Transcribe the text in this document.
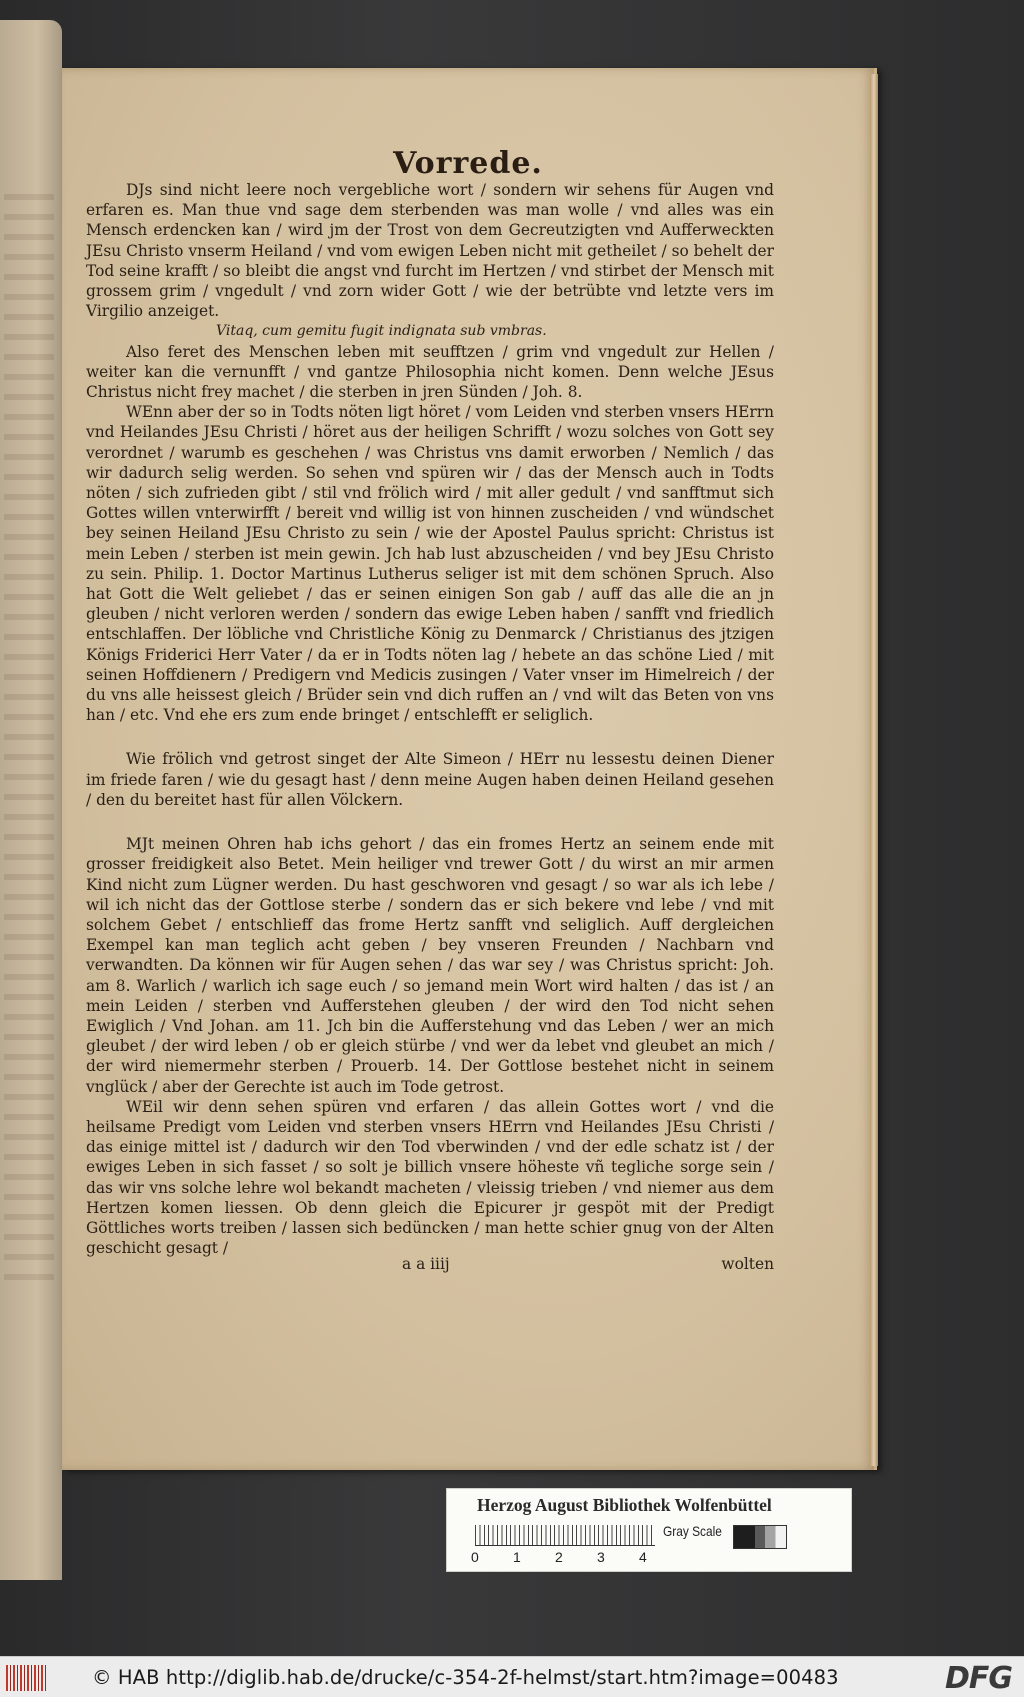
Vorrede.

DJs sind nicht leere noch vergebliche wort / sondern wir sehens für Augen vnd erfaren es. Man thue vnd sage dem sterbenden was man wolle / vnd alles was ein Mensch erdencken kan / wird jm der Trost von dem Gecreutzigten vnd Aufferweckten JEsu Christo vnserm Heiland / vnd vom ewigen Leben nicht mit getheilet / so behelt der Tod seine krafft / so bleibt die angst vnd furcht im Hertzen / vnd stirbet der Mensch mit grossem grim / vngedult / vnd zorn wider Gott / wie der betrübte vnd letzte vers im Virgilio anzeiget.

Vitaq, cum gemitu fugit indignata sub vmbras.

Also feret des Menschen leben mit seufftzen / grim vnd vngedult zur Hellen / weiter kan die vernunfft / vnd gantze Philosophia nicht komen. Denn welche JEsus Christus nicht frey machet / die sterben in jren Sünden / Joh. 8.

WEnn aber der so in Todts nöten ligt höret / vom Leiden vnd sterben vnsers HErrn vnd Heilandes JEsu Christi / höret aus der heiligen Schrifft / wozu solches von Gott sey verordnet / warumb es geschehen / was Christus vns damit erworben / Nemlich / das wir dadurch selig werden. So sehen vnd spüren wir / das der Mensch auch in Todts nöten / sich zufrieden gibt / stil vnd frölich wird / mit aller gedult / vnd sanfftmut sich Gottes willen vnterwirfft / bereit vnd willig ist von hinnen zuscheiden / vnd wündschet bey seinen Heiland JEsu Christo zu sein / wie der Apostel Paulus spricht: Christus ist mein Leben / sterben ist mein gewin. Jch hab lust abzuscheiden / vnd bey JEsu Christo zu sein. Philip. 1. Doctor Martinus Lutherus seliger ist mit dem schönen Spruch. Also hat Gott die Welt geliebet / das er seinen einigen Son gab / auff das alle die an jn gleuben / nicht verloren werden / sondern das ewige Leben haben / sanfft vnd friedlich entschlaffen. Der löbliche vnd Christliche König zu Denmarck / Christianus des jtzigen Königs Friderici Herr Vater / da er in Todts nöten lag / hebete an das schöne Lied / mit seinen Hoffdienern / Predigern vnd Medicis zusingen / Vater vnser im Himelreich / der du vns alle heissest gleich / Brüder sein vnd dich ruffen an / vnd wilt das Beten von vns han / etc. Vnd ehe ers zum ende bringet / entschlefft er seliglich.

Wie frölich vnd getrost singet der Alte Simeon / HErr nu lessestu deinen Diener im friede faren / wie du gesagt hast / denn meine Augen haben deinen Heiland gesehen / den du bereitet hast für allen Völckern.

MJt meinen Ohren hab ichs gehort / das ein fromes Hertz an seinem ende mit grosser freidigkeit also Betet. Mein heiliger vnd trewer Gott / du wirst an mir armen Kind nicht zum Lügner werden. Du hast geschworen vnd gesagt / so war als ich lebe / wil ich nicht das der Gottlose sterbe / sondern das er sich bekere vnd lebe / vnd mit solchem Gebet / entschlieff das frome Hertz sanfft vnd seliglich. Auff dergleichen Exempel kan man teglich acht geben / bey vnseren Freunden / Nachbarn vnd verwandten. Da können wir für Augen sehen / das war sey / was Christus spricht: Joh. am 8. Warlich / warlich ich sage euch / so jemand mein Wort wird halten / das ist / an mein Leiden / sterben vnd Aufferstehen gleuben / der wird den Tod nicht sehen Ewiglich / Vnd Johan. am 11. Jch bin die Aufferstehung vnd das Leben / wer an mich gleubet / der wird leben / ob er gleich stürbe / vnd wer da lebet vnd gleubet an mich / der wird niemermehr sterben / Prouerb. 14. Der Gottlose bestehet nicht in seinem vnglück / aber der Gerechte ist auch im Tode getrost.

WEil wir denn sehen spüren vnd erfaren / das allein Gottes wort / vnd die heilsame Predigt vom Leiden vnd sterben vnsers HErrn vnd Heilandes JEsu Christi / das einige mittel ist / dadurch wir den Tod vberwinden / vnd der edle schatz ist / der ewiges Leben in sich fasset / so solt je billich vnsere höheste vñ tegliche sorge sein / das wir vns solche lehre wol bekandt macheten / vleissig trieben / vnd niemer aus dem Hertzen komen liessen. Ob denn gleich die Epicurer jr gespöt mit der Predigt Göttliches worts treiben / lassen sich bedüncken / man hette schier gnug von der Alten geschicht gesagt /

a a iiij	wolten
Herzog August Bibliothek Wolfenbüttel
0 1 2 3 4
Gray Scale
© HAB http://diglib.hab.de/drucke/c-354-2f-helmst/start.htm?image=00483	DFG
